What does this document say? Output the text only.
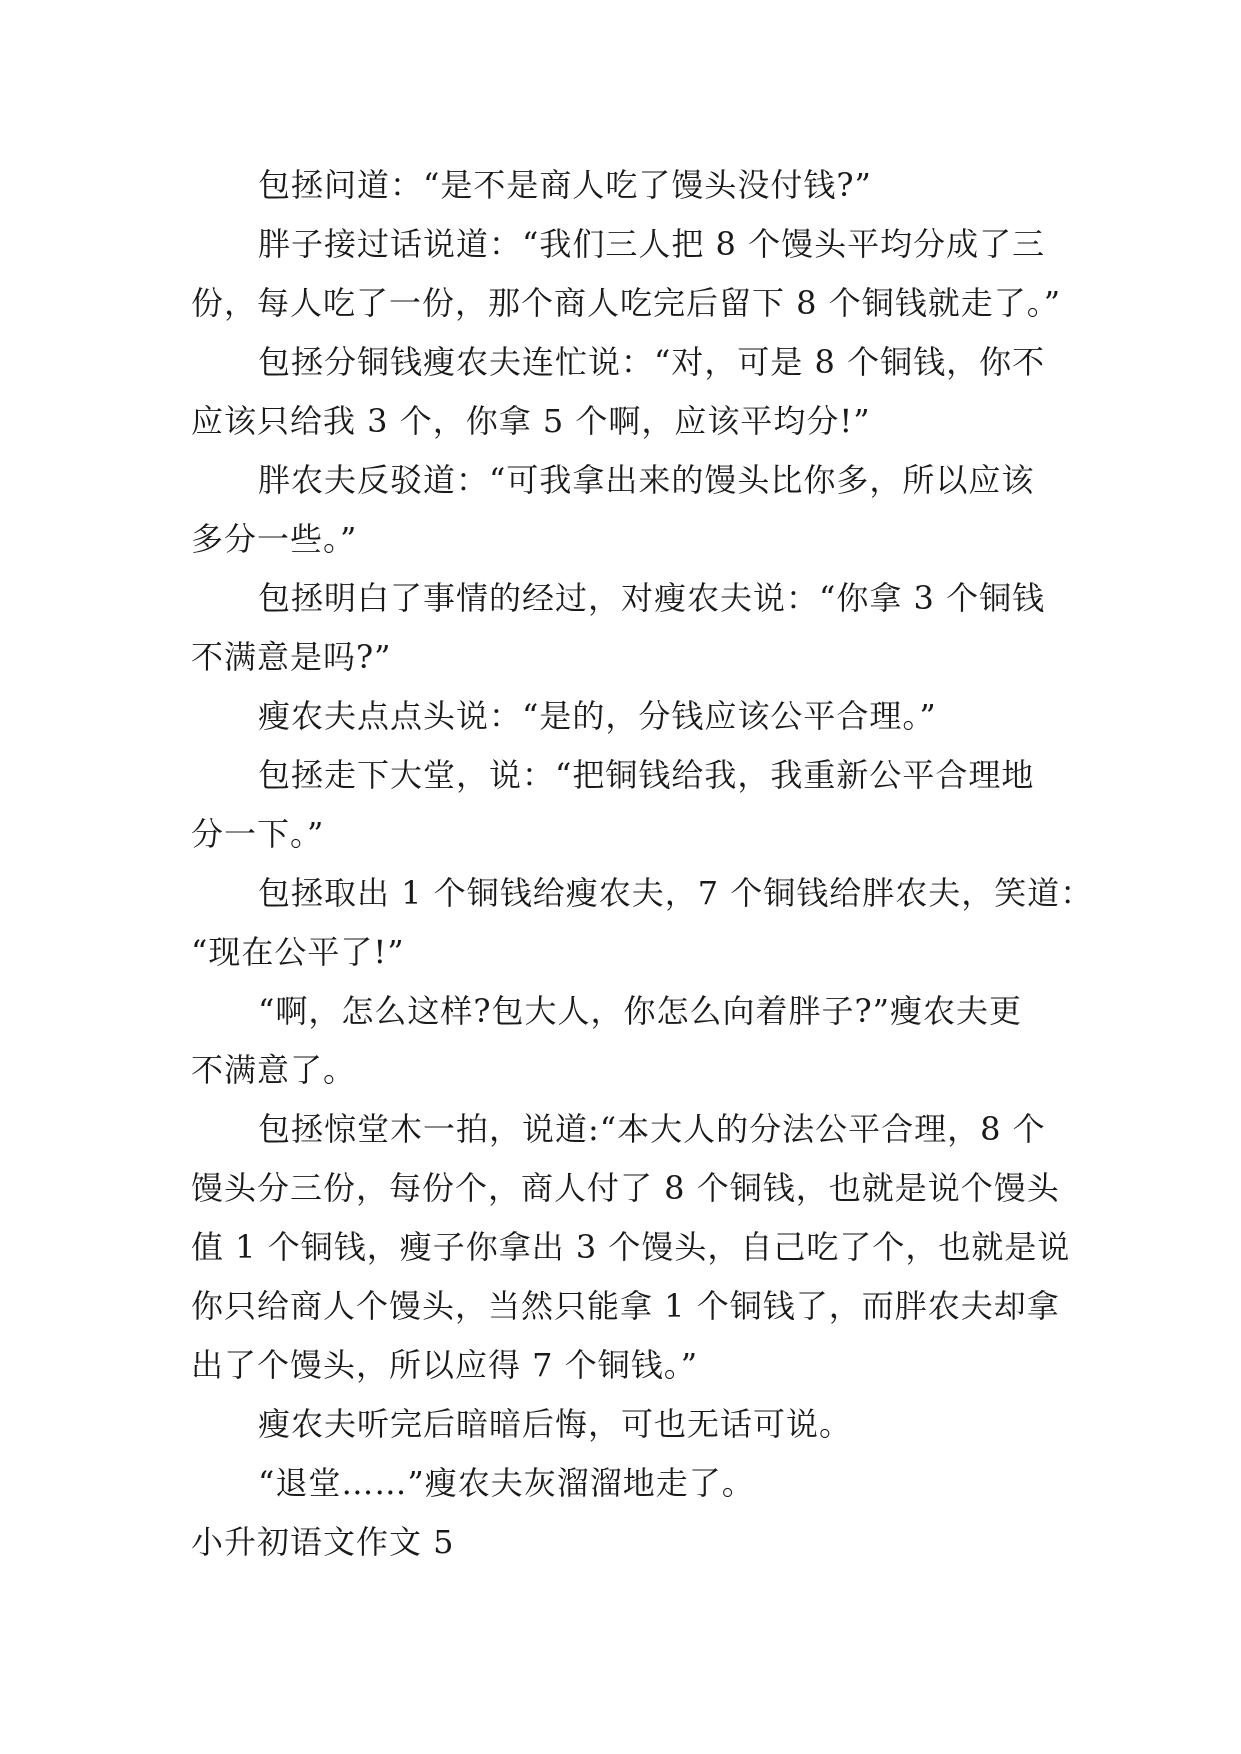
包拯问道：“是不是商人吃了馒头没付钱?”
胖子接过话说道：“我们三人把 8 个馒头平均分成了三
份，每人吃了一份，那个商人吃完后留下 8 个铜钱就走了。”
包拯分铜钱瘦农夫连忙说：“对，可是 8 个铜钱，你不
应该只给我 3 个，你拿 5 个啊，应该平均分!”
胖农夫反驳道：“可我拿出来的馒头比你多，所以应该
多分一些。”
包拯明白了事情的经过，对瘦农夫说：“你拿 3 个铜钱
不满意是吗?”
瘦农夫点点头说：“是的，分钱应该公平合理。”
包拯走下大堂，说：“把铜钱给我，我重新公平合理地
分一下。”
包拯取出 1 个铜钱给瘦农夫，7 个铜钱给胖农夫，笑道：
“现在公平了!”
“啊，怎么这样?包大人，你怎么向着胖子?”瘦农夫更
不满意了。
包拯惊堂木一拍，说道:“本大人的分法公平合理，8 个
馒头分三份，每份个，商人付了 8 个铜钱，也就是说个馒头
值 1 个铜钱，瘦子你拿出 3 个馒头，自己吃了个，也就是说
你只给商人个馒头，当然只能拿 1 个铜钱了，而胖农夫却拿
出了个馒头，所以应得 7 个铜钱。”
瘦农夫听完后暗暗后悔，可也无话可说。
“退堂……”瘦农夫灰溜溜地走了。
小升初语文作文 5
